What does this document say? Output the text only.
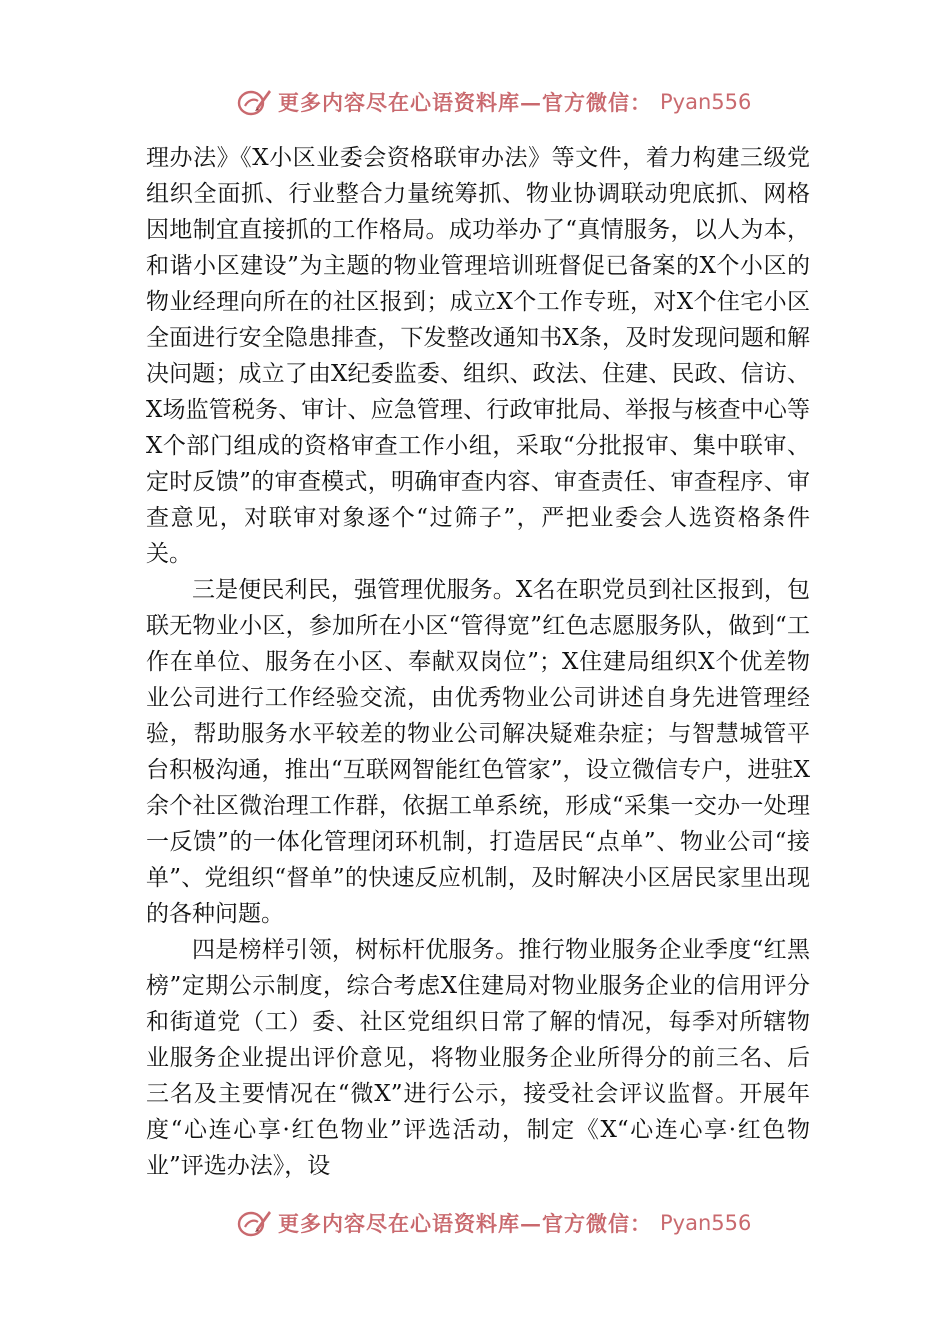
更多内容尽在心语资料库—官方微信： Pyan556

理办法》《X小区业委会资格联审办法》等文件，着力构建三级党组织全面抓、行业整合力量统筹抓、物业协调联动兜底抓、网格因地制宜直接抓的工作格局。成功举办了“真情服务，以人为本，和谐小区建设”为主题的物业管理培训班督促已备案的X个小区的物业经理向所在的社区报到；成立X个工作专班，对X个住宅小区全面进行安全隐患排查，下发整改通知书X条，及时发现问题和解决问题；成立了由X纪委监委、组织、政法、住建、民政、信访、X场监管税务、审计、应急管理、行政审批局、举报与核查中心等X个部门组成的资格审查工作小组，采取“分批报审、集中联审、定时反馈”的审查模式，明确审查内容、审查责任、审查程序、审查意见，对联审对象逐个“过筛子”，严把业委会人选资格条件关。

三是便民利民，强管理优服务。X名在职党员到社区报到，包联无物业小区，参加所在小区“管得宽”红色志愿服务队，做到“工作在单位、服务在小区、奉献双岗位”；X住建局组织X个优差物业公司进行工作经验交流，由优秀物业公司讲述自身先进管理经验，帮助服务水平较差的物业公司解决疑难杂症；与智慧城管平台积极沟通，推出“互联网智能红色管家”，设立微信专户，进驻X余个社区微治理工作群，依据工单系统，形成“采集一交办一处理一反馈”的一体化管理闭环机制，打造居民“点单”、物业公司“接单”、党组织“督单”的快速反应机制，及时解决小区居民家里出现的各种问题。

四是榜样引领，树标杆优服务。推行物业服务企业季度“红黑榜”定期公示制度，综合考虑X住建局对物业服务企业的信用评分和街道党（工）委、社区党组织日常了解的情况，每季对所辖物业服务企业提出评价意见，将物业服务企业所得分的前三名、后三名及主要情况在“微X”进行公示，接受社会评议监督。开展年度“心连心享·红色物业”评选活动，制定《X“心连心享·红色物业”评选办法》，设

更多内容尽在心语资料库—官方微信： Pyan556
